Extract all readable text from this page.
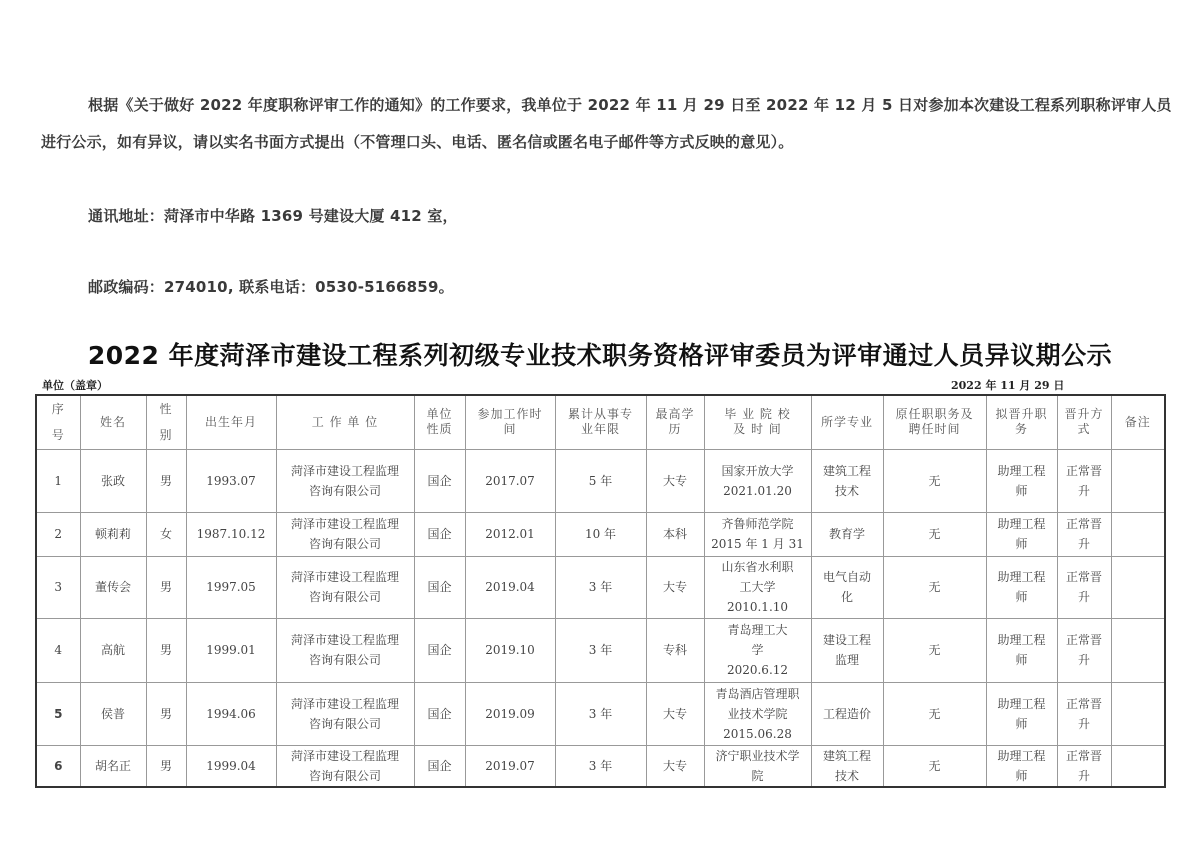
根据《关于做好 2022 年度职称评审工作的通知》的工作要求，我单位于 2022 年 11 月 29 日至 2022 年 12 月 5 日对参加本次建设工程系列职称评审人员
进行公示，如有异议，请以实名书面方式提出（不管理口头、电话、匿名信或匿名电子邮件等方式反映的意见）。
通讯地址：菏泽市中华路 1369 号建设大厦 412 室，
邮政编码：274010, 联系电话：0530-5166859。
2022 年度菏泽市建设工程系列初级专业技术职务资格评审委员为评审通过人员异议期公示
单位（盖章）	2022 年 11 月 29 日
序号	姓名	性别	出生年月	工 作 单 位	单位性质	参加工作时间	累计从事专业年限	最高学历	毕 业 院 校 及 时 间	所学专业	原任职职务及聘任时间	拟晋升职务	晋升方式	备注
1	张政	男	1993.07	菏泽市建设工程监理咨询有限公司	国企	2017.07	5 年	大专	国家开放大学 2021.01.20	建筑工程技术	无	助理工程师	正常晋升	
2	顿莉莉	女	1987.10.12	菏泽市建设工程监理咨询有限公司	国企	2012.01	10 年	本科	齐鲁师范学院 2015 年 1 月 31	教育学	无	助理工程师	正常晋升	
3	董传会	男	1997.05	菏泽市建设工程监理咨询有限公司	国企	2019.04	3 年	大专	山东省水利职工大学 2010.1.10	电气自动化	无	助理工程师	正常晋升	
4	高航	男	1999.01	菏泽市建设工程监理咨询有限公司	国企	2019.10	3 年	专科	青岛理工大学 2020.6.12	建设工程监理	无	助理工程师	正常晋升	
5	侯普	男	1994.06	菏泽市建设工程监理咨询有限公司	国企	2019.09	3 年	大专	青岛酒店管理职业技术学院 2015.06.28	工程造价	无	助理工程师	正常晋升	
6	胡名正	男	1999.04	菏泽市建设工程监理咨询有限公司	国企	2019.07	3 年	大专	济宁职业技术学院	建筑工程技术	无	助理工程师	正常晋升	
